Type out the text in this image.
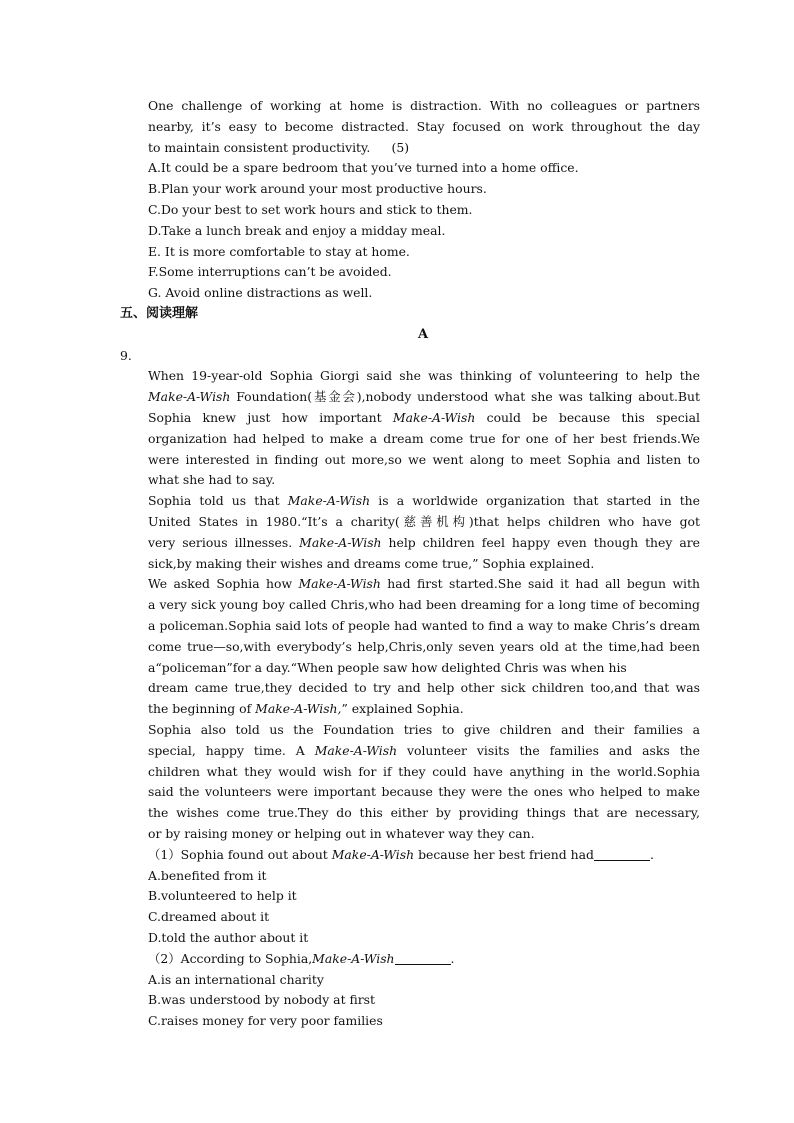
One challenge of working at home is distraction. With no colleagues or partners
nearby, it’s easy to become distracted. Stay focused on work throughout the day
to maintain consistent productivity. (5)
A.It could be a spare bedroom that you’ve turned into a home office.
B.Plan your work around your most productive hours.
C.Do your best to set work hours and stick to them.
D.Take a lunch break and enjoy a midday meal.
E. It is more comfortable to stay at home.
F.Some interruptions can’t be avoided.
G. Avoid online distractions as well.
五、阅读理解
A
9.
When 19-year-old Sophia Giorgi said she was thinking of volunteering to help the
Make-A-Wish Foundation(基金会),nobody understood what she was talking about.But
Sophia knew just how important Make-A-Wish could be because this special
organization had helped to make a dream come true for one of her best friends.We
were interested in finding out more,so we went along to meet Sophia and listen to
what she had to say.
Sophia told us that Make-A-Wish is a worldwide organization that started in the
United States in 1980.“It’s a charity(慈善机构)that helps children who have got
very serious illnesses. Make-A-Wish help children feel happy even though they are
sick,by making their wishes and dreams come true,” Sophia explained.
We asked Sophia how Make-A-Wish had first started.She said it had all begun with
a very sick young boy called Chris,who had been dreaming for a long time of becoming
a policeman.Sophia said lots of people had wanted to find a way to make Chris’s dream
come true—so,with everybody’s help,Chris,only seven years old at the time,had been
a“policeman”for a day.“When people saw how delighted Chris was when his
dream came true,they decided to try and help other sick children too,and that was
the beginning of Make-A-Wish,” explained Sophia.
Sophia also told us the Foundation tries to give children and their families a
special, happy time. A Make-A-Wish volunteer visits the families and asks the
children what they would wish for if they could have anything in the world.Sophia
said the volunteers were important because they were the ones who helped to make
the wishes come true.They do this either by providing things that are necessary,
or by raising money or helping out in whatever way they can.
（1）Sophia found out about Make-A-Wish because her best friend had	.
A.benefited from it
B.volunteered to help it
C.dreamed about it
D.told the author about it
（2）According to Sophia,Make-A-Wish	.
A.is an international charity
B.was understood by nobody at first
C.raises money for very poor families
